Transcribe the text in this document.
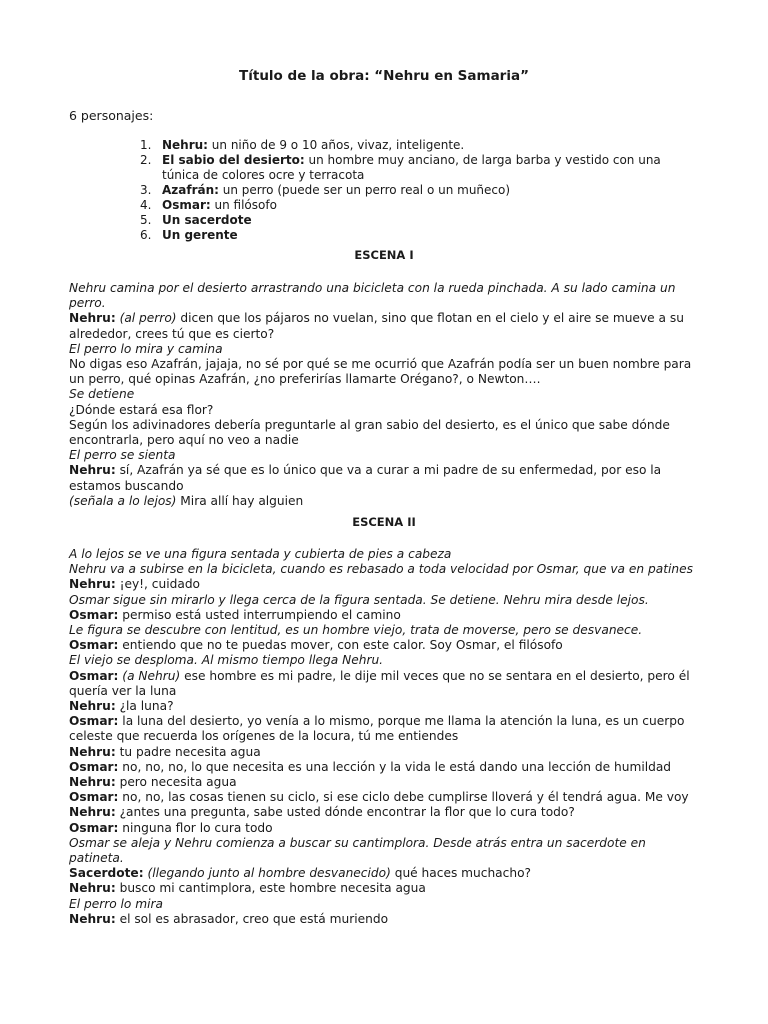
Título de la obra: “Nehru en Samaria”
6 personajes:
1. Nehru: un niño de 9 o 10 años, vivaz, inteligente.
2. El sabio del desierto: un hombre muy anciano, de larga barba y vestido con una túnica de colores ocre y terracota
3. Azafrán: un perro (puede ser un perro real o un muñeco)
4. Osmar: un filósofo
5. Un sacerdote
6. Un gerente
ESCENA I

Nehru camina por el desierto arrastrando una bicicleta con la rueda pinchada. A su lado camina un perro.

Nehru: (al perro) dicen que los pájaros no vuelan, sino que flotan en el cielo y el aire se mueve a su alrededor, crees tú que es cierto?

El perro lo mira y camina

No digas eso Azafrán, jajaja, no sé por qué se me ocurrió que Azafrán podía ser un buen nombre para un perro, qué opinas Azafrán, ¿no preferirías llamarte Orégano?, o Newton….

Se detiene

¿Dónde estará esa flor?

Según los adivinadores debería preguntarle al gran sabio del desierto, es el único que sabe dónde encontrarla, pero aquí no veo a nadie

El perro se sienta

Nehru: sí, Azafrán ya sé que es lo único que va a curar a mi padre de su enfermedad, por eso la estamos buscando

(señala a lo lejos) Mira allí hay alguien

ESCENA II

A lo lejos se ve una figura sentada y cubierta de pies a cabeza

Nehru va a subirse en la bicicleta, cuando es rebasado a toda velocidad por Osmar, que va en patines

Nehru: ¡ey!, cuidado

Osmar sigue sin mirarlo y llega cerca de la figura sentada. Se detiene. Nehru mira desde lejos.

Osmar: permiso está usted interrumpiendo el camino

Le figura se descubre con lentitud, es un hombre viejo, trata de moverse, pero se desvanece.

Osmar: entiendo que no te puedas mover, con este calor. Soy Osmar, el filósofo

El viejo se desploma. Al mismo tiempo llega Nehru.

Osmar: (a Nehru) ese hombre es mi padre, le dije mil veces que no se sentara en el desierto, pero él quería ver la luna

Nehru: ¿la luna?

Osmar: la luna del desierto, yo venía a lo mismo, porque me llama la atención la luna, es un cuerpo celeste que recuerda los orígenes de la locura, tú me entiendes

Nehru: tu padre necesita agua

Osmar: no, no, no, lo que necesita es una lección y la vida le está dando una lección de humildad

Nehru: pero necesita agua

Osmar: no, no, las cosas tienen su ciclo, si ese ciclo debe cumplirse lloverá y él tendrá agua. Me voy

Nehru: ¿antes una pregunta, sabe usted dónde encontrar la flor que lo cura todo?

Osmar: ninguna flor lo cura todo

Osmar se aleja y Nehru comienza a buscar su cantimplora. Desde atrás entra un sacerdote en patineta.

Sacerdote: (llegando junto al hombre desvanecido) qué haces muchacho?

Nehru: busco mi cantimplora, este hombre necesita agua

El perro lo mira

Nehru: el sol es abrasador, creo que está muriendo
